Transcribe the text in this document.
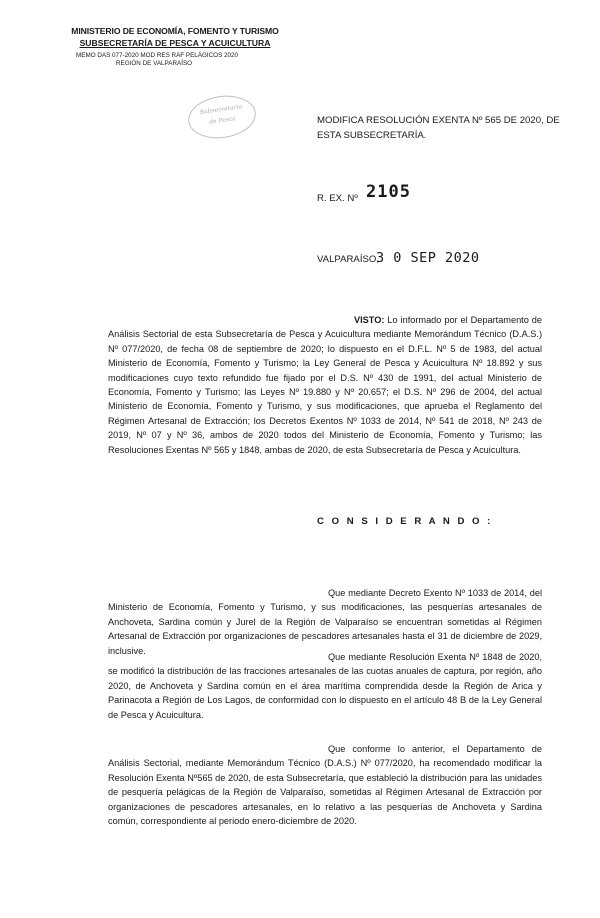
MINISTERIO DE ECONOMÍA, FOMENTO Y TURISMO
SUBSECRETARÍA DE PESCA Y ACUICULTURA
MEMO DAS 077-2020 MOD RES RAF PELÁGICOS 2020
REGIÓN DE VALPARAÍSO
Subsecretaría
de Pesca	MODIFICA RESOLUCIÓN EXENTA Nº 565 DE 2020, DE ESTA SUBSECRETARÍA.
R. EX. Nº 2105
VALPARAÍSO,
3 0 SEP 2020
VISTO: Lo informado por el Departamento de Análisis Sectorial de esta Subsecretaría de Pesca y Acuicultura mediante Memorándum Técnico (D.A.S.) Nº 077/2020, de fecha 08 de septiembre de 2020; lo dispuesto en el D.F.L. Nº 5 de 1983, del actual Ministerio de Economía, Fomento y Turismo; la Ley General de Pesca y Acuicultura Nº 18.892 y sus modificaciones cuyo texto refundido fue fijado por el D.S. Nº 430 de 1991, del actual Ministerio de Economía, Fomento y Turismo; las Leyes Nº 19.880 y Nº 20.657; el D.S. Nº 296 de 2004, del actual Ministerio de Economía, Fomento y Turismo, y sus modificaciones, que aprueba el Reglamento del Régimen Artesanal de Extracción; los Decretos Exentos Nº 1033 de 2014, Nº 541 de 2018, Nº 243 de 2019, Nº 07 y Nº 36, ambos de 2020 todos del Ministerio de Economía, Fomento y Turismo; las Resoluciones Exentas Nº 565 y 1848, ambas de 2020, de esta Subsecretaría de Pesca y Acuicultura.
C O N S I D E R A N D O :
Que mediante Decreto Exento Nº 1033 de 2014, del Ministerio de Economía, Fomento y Turismo, y sus modificaciones, las pesquerías artesanales de Anchoveta, Sardina común y Jurel de la Región de Valparaíso se encuentran sometidas al Régimen Artesanal de Extracción por organizaciones de pescadores artesanales hasta el 31 de diciembre de 2029, inclusive.
Que mediante Resolución Exenta Nº 1848 de 2020, se modificó la distribución de las fracciones artesanales de las cuotas anuales de captura, por región, año 2020, de Anchoveta y Sardina común en el área marítima comprendida desde la Región de Arica y Parinacota a Región de Los Lagos, de conformidad con lo dispuesto en el artículo 48 B de la Ley General de Pesca y Acuicultura.
Que conforme lo anterior, el Departamento de Análisis Sectorial, mediante Memorándum Técnico (D.A.S.) Nº 077/2020, ha recomendado modificar la Resolución Exenta Nº565 de 2020, de esta Subsecretaría, que estableció la distribución para las unidades de pesquería pelágicas de la Región de Valparaíso, sometidas al Régimen Artesanal de Extracción por organizaciones de pescadores artesanales, en lo relativo a las pesquerías de Anchoveta y Sardina común, correspondiente al periodo enero-diciembre de 2020.
